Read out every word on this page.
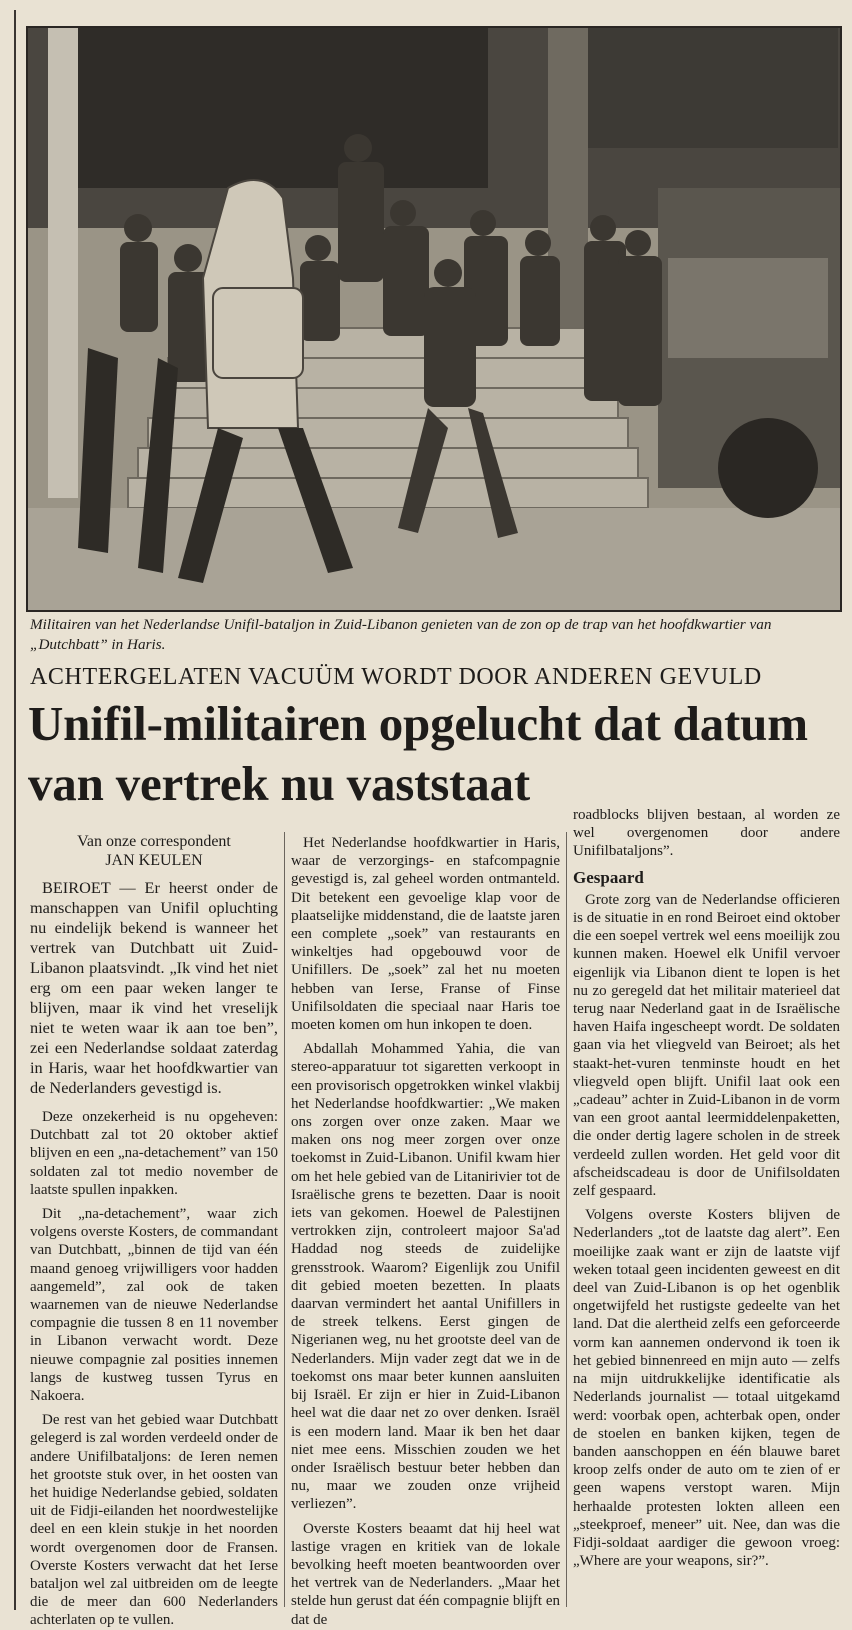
Militairen van het Nederlandse Unifil-bataljon in Zuid-Libanon genieten van de zon op de trap van het hoofdkwartier van „Dutchbatt” in Haris.
ACHTERGELATEN VACUÜM WORDT DOOR ANDEREN GEVULD
Unifil-militairen opgelucht dat datum van vertrek nu vaststaat
Van onze correspondent
JAN KEULEN

BEIROET — Er heerst onder de manschappen van Unifil opluchting nu eindelijk bekend is wanneer het vertrek van Dutchbatt uit Zuid-Libanon plaatsvindt. „Ik vind het niet erg om een paar weken langer te blijven, maar ik vind het vreselijk niet te weten waar ik aan toe ben”, zei een Nederlandse soldaat zaterdag in Haris, waar het hoofdkwartier van de Nederlanders gevestigd is.

Deze onzekerheid is nu opgeheven: Dutchbatt zal tot 20 oktober aktief blijven en een „na-detachement” van 150 soldaten zal tot medio november de laatste spullen inpakken.

Dit „na-detachement”, waar zich volgens overste Kosters, de commandant van Dutchbatt, „binnen de tijd van één maand genoeg vrijwilligers voor hadden aangemeld”, zal ook de taken waarnemen van de nieuwe Nederlandse compagnie die tussen 8 en 11 november in Libanon verwacht wordt. Deze nieuwe compagnie zal posities innemen langs de kustweg tussen Tyrus en Nakoera.

De rest van het gebied waar Dutchbatt gelegerd is zal worden verdeeld onder de andere Unifilbataljons: de Ieren nemen het grootste stuk over, in het oosten van het huidige Nederlandse gebied, soldaten uit de Fidji-eilanden het noordwestelijke deel en een klein stukje in het noorden wordt overgenomen door de Fransen. Overste Kosters verwacht dat het Ierse bataljon wel zal uitbreiden om de leegte die de meer dan 600 Nederlanders achterlaten op te vullen.

Het Nederlandse hoofdkwartier in Haris, waar de verzorgings- en stafcompagnie gevestigd is, zal geheel worden ontmanteld. Dit betekent een gevoelige klap voor de plaatselijke middenstand, die de laatste jaren een complete „soek” van restaurants en winkeltjes had opgebouwd voor de Unifillers. De „soek” zal het nu moeten hebben van Ierse, Franse of Finse Unifilsoldaten die speciaal naar Haris toe moeten komen om hun inkopen te doen.

Abdallah Mohammed Yahia, die van stereo-apparatuur tot sigaretten verkoopt in een provisorisch opgetrokken winkel vlakbij het Nederlandse hoofdkwartier: „We maken ons zorgen over onze zaken. Maar we maken ons nog meer zorgen over onze toekomst in Zuid-Libanon. Unifil kwam hier om het hele gebied van de Litanirivier tot de Israëlische grens te bezetten. Daar is nooit iets van gekomen. Hoewel de Palestijnen vertrokken zijn, controleert majoor Sa'ad Haddad nog steeds de zuidelijke grensstrook. Waarom? Eigenlijk zou Unifil dit gebied moeten bezetten. In plaats daarvan vermindert het aantal Unifillers in de streek telkens. Eerst gingen de Nigerianen weg, nu het grootste deel van de Nederlanders. Mijn vader zegt dat we in de toekomst ons maar beter kunnen aansluiten bij Israël. Er zijn er hier in Zuid-Libanon heel wat die daar net zo over denken. Israël is een modern land. Maar ik ben het daar niet mee eens. Misschien zouden we het onder Israëlisch bestuur beter hebben dan nu, maar we zouden onze vrijheid verliezen”.

Overste Kosters beaamt dat hij heel wat lastige vragen en kritiek van de lokale bevolking heeft moeten beantwoorden over het vertrek van de Nederlanders. „Maar het stelde hun gerust dat één compagnie blijft en dat de

roadblocks blijven bestaan, al worden ze wel overgenomen door andere Unifilbataljons”.

Gespaard

Grote zorg van de Nederlandse officieren is de situatie in en rond Beiroet eind oktober die een soepel vertrek wel eens moeilijk zou kunnen maken. Hoewel elk Unifil vervoer eigenlijk via Libanon dient te lopen is het nu zo geregeld dat het militair materieel dat terug naar Nederland gaat in de Israëlische haven Haifa ingescheept wordt. De soldaten gaan via het vliegveld van Beiroet; als het staakt-het-vuren tenminste houdt en het vliegveld open blijft. Unifil laat ook een „cadeau” achter in Zuid-Libanon in de vorm van een groot aantal leermiddelenpaketten, die onder dertig lagere scholen in de streek verdeeld zullen worden. Het geld voor dit afscheidscadeau is door de Unifilsoldaten zelf gespaard.

Volgens overste Kosters blijven de Nederlanders „tot de laatste dag alert”. Een moeilijke zaak want er zijn de laatste vijf weken totaal geen incidenten geweest en dit deel van Zuid-Libanon is op het ogenblik ongetwijfeld het rustigste gedeelte van het land. Dat die alertheid zelfs een geforceerde vorm kan aannemen ondervond ik toen ik het gebied binnenreed en mijn auto — zelfs na mijn uitdrukkelijke identificatie als Nederlands journalist — totaal uitgekamd werd: voorbak open, achterbak open, onder de stoelen en banken kijken, tegen de banden aanschoppen en één blauwe baret kroop zelfs onder de auto om te zien of er geen wapens verstopt waren. Mijn herhaalde protesten lokten alleen een „steekproef, meneer” uit. Nee, dan was die Fidji-soldaat aardiger die gewoon vroeg: „Where are your weapons, sir?”.
